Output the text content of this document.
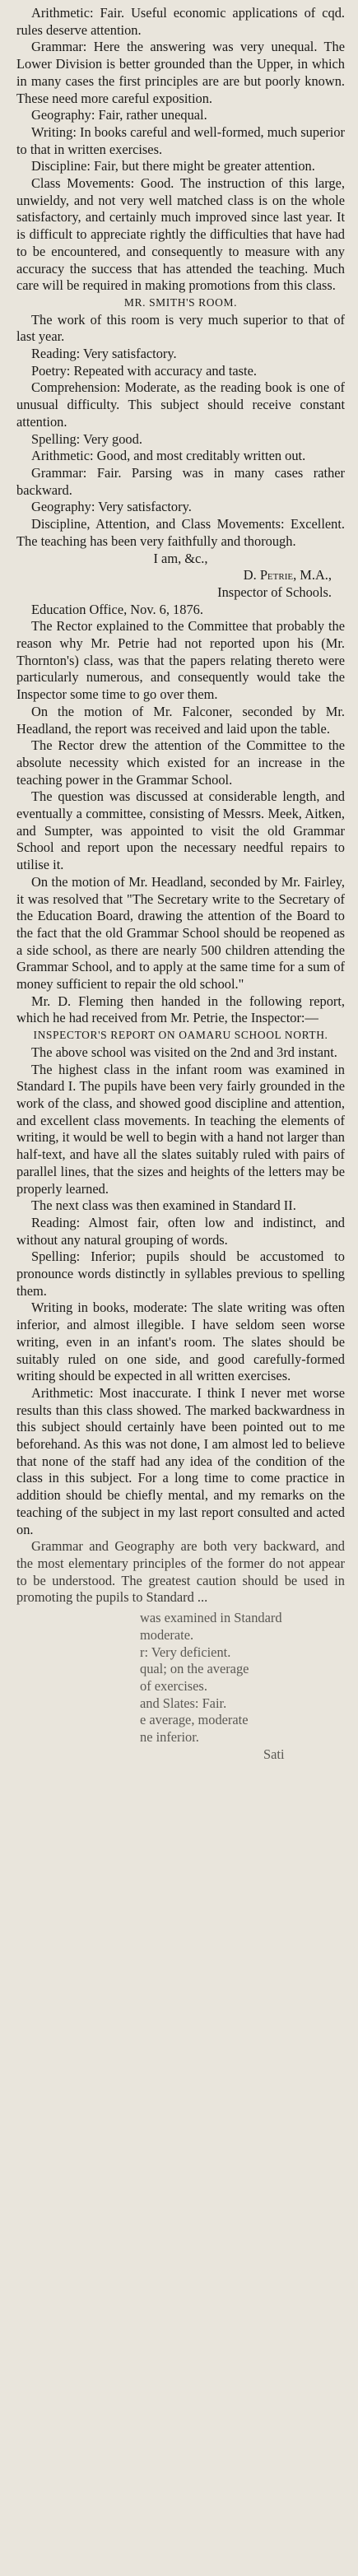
Arithmetic: Fair. Useful economic applications of cqd. rules deserve attention.

Grammar: Here the answering was very unequal. The Lower Division is better grounded than the Upper, in which in many cases the first principles are are but poorly known. These need more careful exposition.

Geography: Fair, rather unequal.

Writing: In books careful and well-formed, much superior to that in written exercises.

Discipline: Fair, but there might be greater attention.

Class Movements: Good. The instruction of this large, unwieldy, and not very well matched class is on the whole satisfactory, and certainly much improved since last year. It is difficult to appreciate rightly the difficulties that have had to be encountered, and consequently to measure with any accuracy the success that has attended the teaching. Much care will be required in making promotions from this class.

MR. SMITH'S ROOM.

The work of this room is very much superior to that of last year.

Reading: Very satisfactory.

Poetry: Repeated with accuracy and taste.

Comprehension: Moderate, as the reading book is one of unusual difficulty. This subject should receive constant attention.

Spelling: Very good.

Arithmetic: Good, and most creditably written out.

Grammar: Fair. Parsing was in many cases rather backward.

Geography: Very satisfactory.

Discipline, Attention, and Class Movements: Excellent. The teaching has been very faithfully and thorough.

I am, &c.,

D. Petrie, M.A.,

Inspector of Schools.

Education Office, Nov. 6, 1876.

The Rector explained to the Committee that probably the reason why Mr. Petrie had not reported upon his (Mr. Thornton's) class, was that the papers relating thereto were particularly numerous, and consequently would take the Inspector some time to go over them.

On the motion of Mr. Falconer, seconded by Mr. Headland, the report was received and laid upon the table.

The Rector drew the attention of the Committee to the absolute necessity which existed for an increase in the teaching power in the Grammar School.

The question was discussed at considerable length, and eventually a committee, consisting of Messrs. Meek, Aitken, and Sumpter, was appointed to visit the old Grammar School and report upon the necessary needful repairs to utilise it.

On the motion of Mr. Headland, seconded by Mr. Fairley, it was resolved that "The Secretary write to the Secretary of the Education Board, drawing the attention of the Board to the fact that the old Grammar School should be reopened as a side school, as there are nearly 500 children attending the Grammar School, and to apply at the same time for a sum of money sufficient to repair the old school."

Mr. D. Fleming then handed in the following report, which he had received from Mr. Petrie, the Inspector:—

INSPECTOR'S REPORT ON OAMARU SCHOOL NORTH.

The above school was visited on the 2nd and 3rd instant.

The highest class in the infant room was examined in Standard I. The pupils have been very fairly grounded in the work of the class, and showed good discipline and attention, and excellent class movements. In teaching the elements of writing, it would be well to begin with a hand not larger than half-text, and have all the slates suitably ruled with pairs of parallel lines, that the sizes and heights of the letters may be properly learned.

The next class was then examined in Standard II.

Reading: Almost fair, often low and indistinct, and without any natural grouping of words.

Spelling: Inferior; pupils should be accustomed to pronounce words distinctly in syllables previous to spelling them.

Writing in books, moderate: The slate writing was often inferior, and almost illegible. I have seldom seen worse writing, even in an infant's room. The slates should be suitably ruled on one side, and good carefully-formed writing should be expected in all written exercises.

Arithmetic: Most inaccurate. I think I never met worse results than this class showed. The marked backwardness in this subject should certainly have been pointed out to me beforehand. As this was not done, I am almost led to believe that none of the staff had any idea of the condition of the class in this subject. For a long time to come practice in addition should be chiefly mental, and my remarks on the teaching of the subject in my last report consulted and acted on.

Grammar and Geography are both very backward, and the most elementary principles of the former do not appear to be understood. The greatest caution should be used in promoting the pupils to Standard ...

was examined in Standard

moderate.

r: Very deficient.

qual; on the average

of exercises.

and Slates: Fair.

e average, moderate

ne inferior.

Sati
